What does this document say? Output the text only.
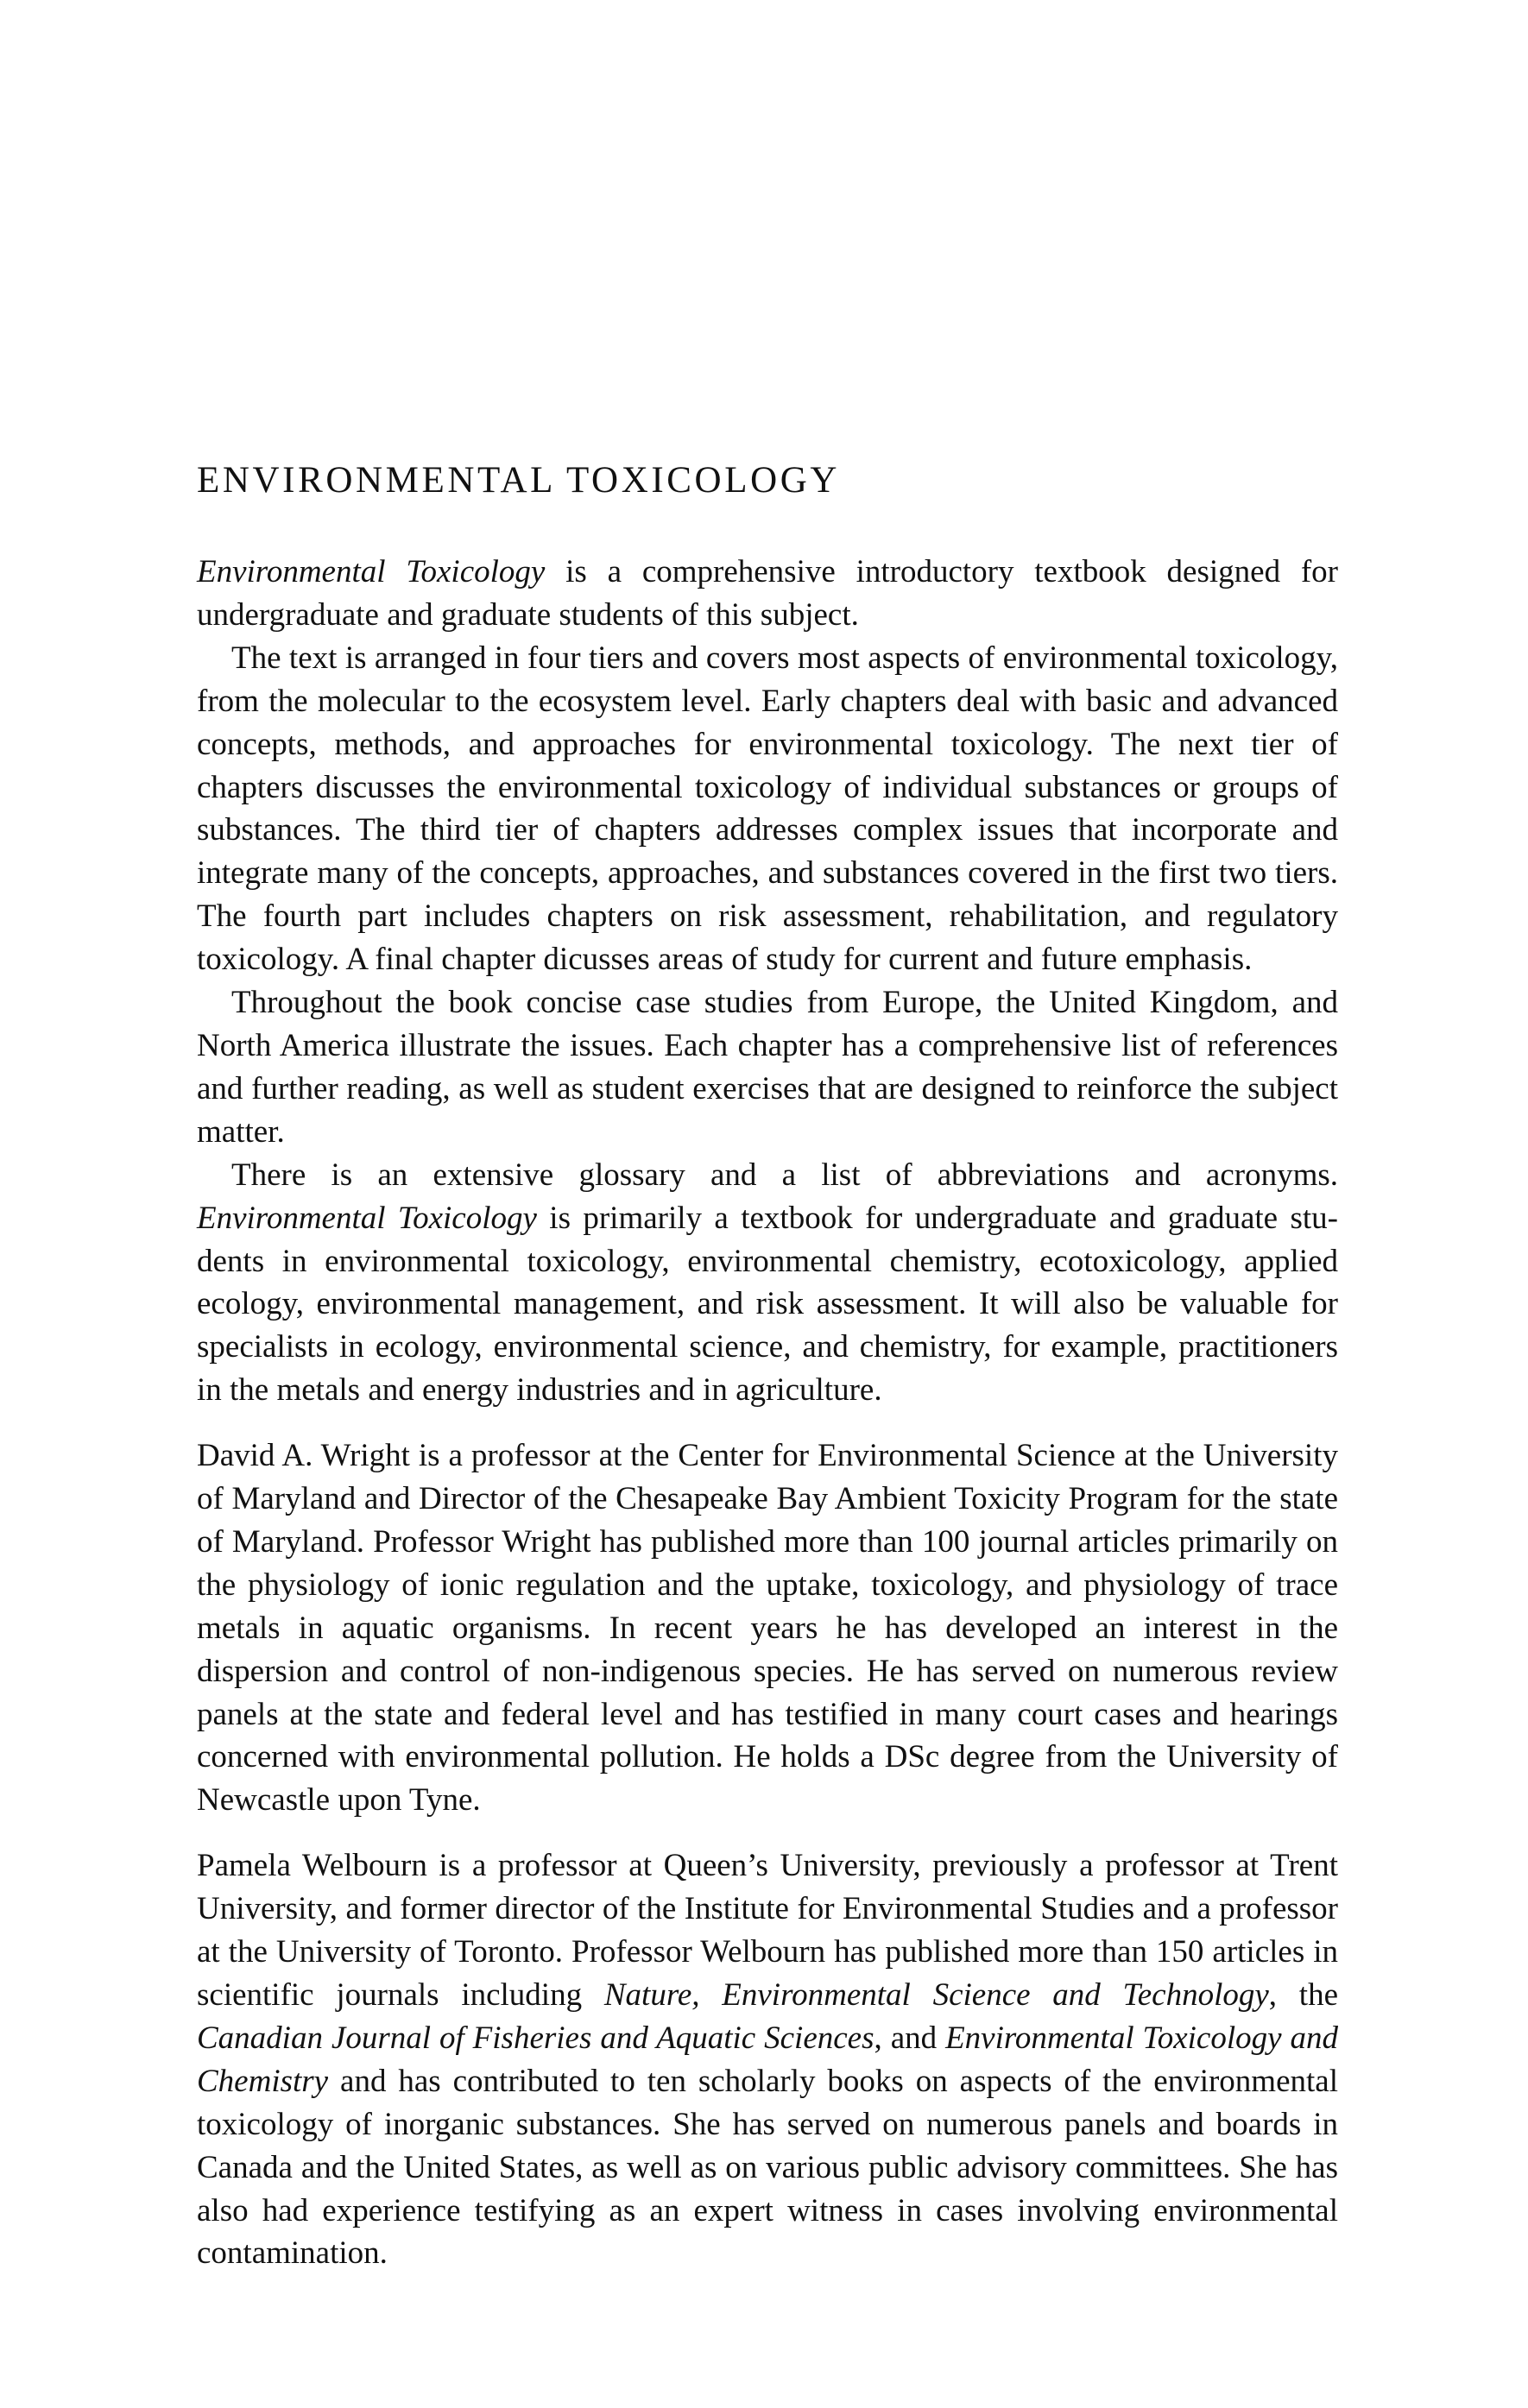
ENVIRONMENTAL TOXICOLOGY

Environmental Toxicology is a comprehensive introductory textbook designed for undergraduate and graduate students of this subject.

The text is arranged in four tiers and covers most aspects of environmental toxicology, from the molecular to the ecosystem level. Early chapters deal with basic and advanced concepts, methods, and approaches for environmental toxicology. The next tier of chapters discusses the environmental toxicology of individual substances or groups of substances. The third tier of chapters addresses complex issues that incorporate and integrate many of the concepts, approaches, and substances covered in the first two tiers. The fourth part includes chapters on risk assessment, rehabilitation, and regulatory toxicology. A final chapter dicusses areas of study for current and future emphasis.

Throughout the book concise case studies from Europe, the United Kingdom, and North America illustrate the issues. Each chapter has a comprehensive list of references and further reading, as well as student exercises that are designed to reinforce the subject matter.

There is an extensive glossary and a list of abbreviations and acronyms. Environmental Toxicology is primarily a textbook for undergraduate and graduate students in environmental toxicology, environmental chemistry, ecotoxicology, applied ecology, environmental management, and risk assessment. It will also be valuable for specialists in ecology, environmental science, and chemistry, for example, practitioners in the metals and energy industries and in agriculture.

David A. Wright is a professor at the Center for Environmental Science at the University of Maryland and Director of the Chesapeake Bay Ambient Toxicity Program for the state of Maryland. Professor Wright has published more than 100 journal articles primarily on the physiology of ionic regulation and the uptake, toxicology, and physiology of trace metals in aquatic organisms. In recent years he has developed an interest in the dispersion and control of non-indigenous species. He has served on numerous review panels at the state and federal level and has testified in many court cases and hearings concerned with environmental pollution. He holds a DSc degree from the University of Newcastle upon Tyne.

Pamela Welbourn is a professor at Queen’s University, previously a professor at Trent University, and former director of the Institute for Environmental Studies and a professor at the University of Toronto. Professor Welbourn has published more than 150 articles in scientific journals including Nature, Environmental Science and Technology, the Canadian Journal of Fisheries and Aquatic Sciences, and Environmental Toxicology and Chemistry and has contributed to ten scholarly books on aspects of the environmental toxicology of inorganic substances. She has served on numerous panels and boards in Canada and the United States, as well as on various public advisory committees. She has also had experience testifying as an expert witness in cases involving environmental contamination.
